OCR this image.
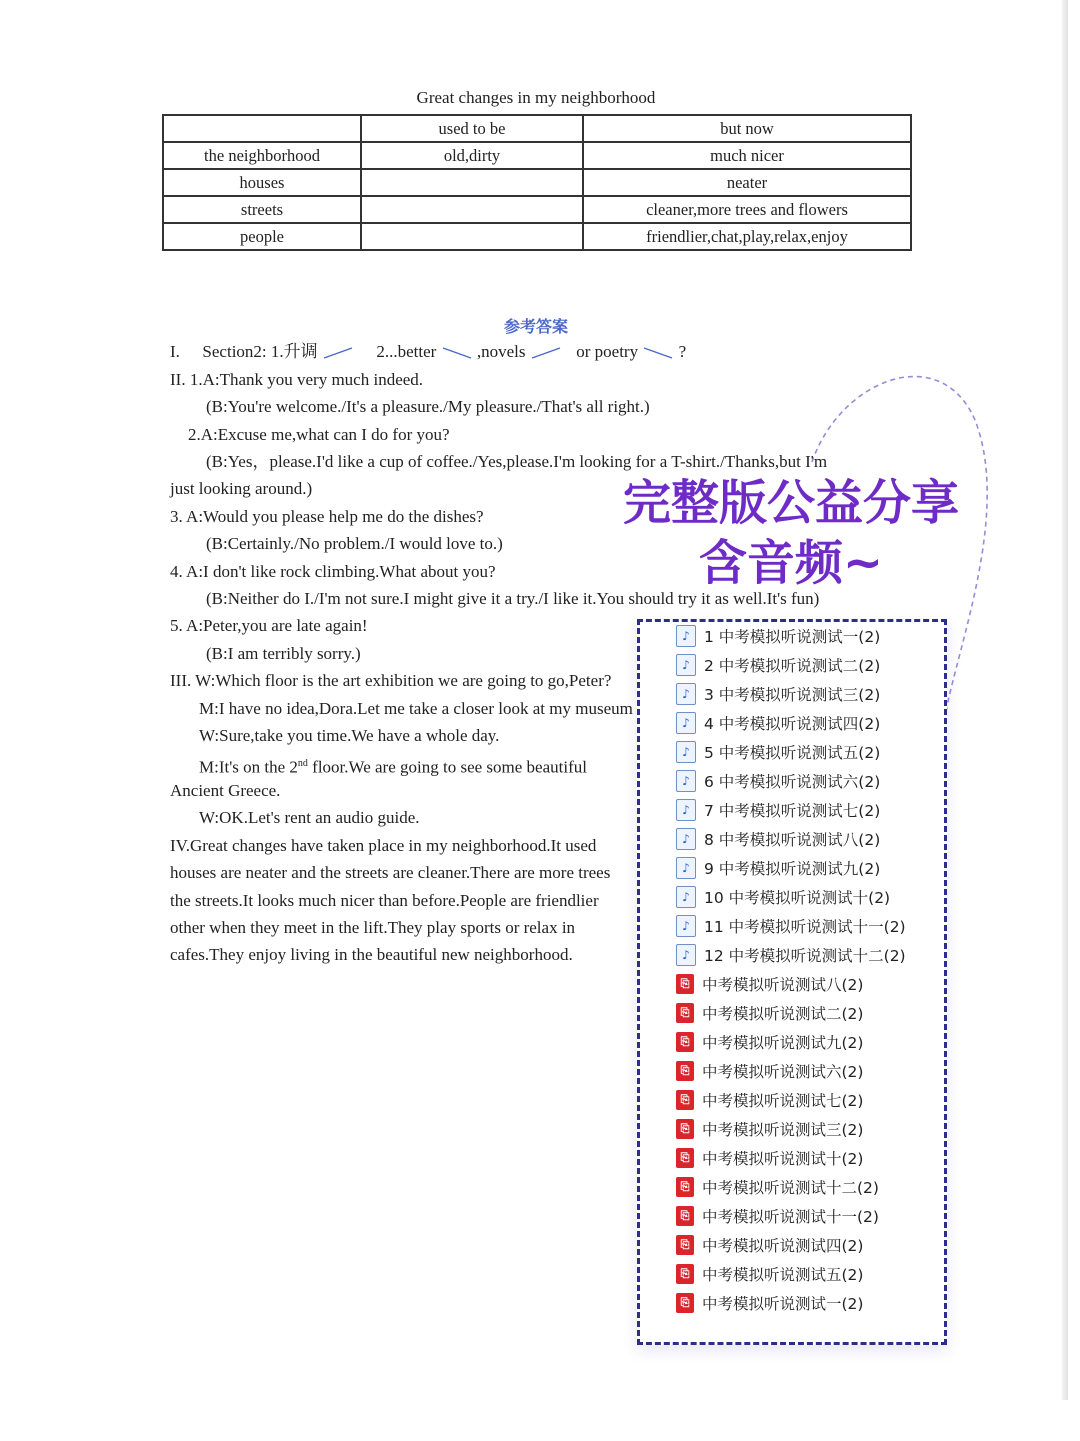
Great changes in my neighborhood
	used to be	but now
the neighborhood	old,dirty	much nicer
houses		neater
streets		cleaner,more trees and flowers
people		friendlier,chat,play,relax,enjoy
参考答案
I. Section2: 1.升调	2...better ,novels	or poetry ?
II. 1.A:Thank you very much indeed.
(B:You're welcome./It's a pleasure./My pleasure./That's all right.)
2.A:Excuse me,what can I do for you?
(B:Yes，please.I'd like a cup of coffee./Yes,please.I'm looking for a T-shirt./Thanks,but I'm
just looking around.)
3. A:Would you please help me do the dishes?
(B:Certainly./No problem./I would love to.)
4. A:I don't like rock climbing.What about you?
(B:Neither do I./I'm not sure.I might give it a try./I like it.You should try it as well.It's fun)
5. A:Peter,you are late again!
(B:I am terribly sorry.)
III. W:Which floor is the art exhibition we are going to go,Peter?
M:I have no idea,Dora.Let me take a closer look at my museum
W:Sure,take you time.We have a whole day.
M:It's on the 2nd floor.We are going to see some beautiful
Ancient Greece.
W:OK.Let's rent an audio guide.
IV.Great changes have taken place in my neighborhood.It used
houses are neater and the streets are cleaner.There are more trees
the streets.It looks much nicer than before.People are friendlier
other when they meet in the lift.They play sports or relax in
cafes.They enjoy living in the beautiful new neighborhood.
♪ 1 中考模拟听说测试一(2)
♪ 2 中考模拟听说测试二(2)
♪ 3 中考模拟听说测试三(2)
♪ 4 中考模拟听说测试四(2)
♪ 5 中考模拟听说测试五(2)
♪ 6 中考模拟听说测试六(2)
♪ 7 中考模拟听说测试七(2)
♪ 8 中考模拟听说测试八(2)
♪ 9 中考模拟听说测试九(2)
♪ 10 中考模拟听说测试十(2)
♪ 11 中考模拟听说测试十一(2)
♪ 12 中考模拟听说测试十二(2)
⎘ 中考模拟听说测试八(2)
⎘ 中考模拟听说测试二(2)
⎘ 中考模拟听说测试九(2)
⎘ 中考模拟听说测试六(2)
⎘ 中考模拟听说测试七(2)
⎘ 中考模拟听说测试三(2)
⎘ 中考模拟听说测试十(2)
⎘ 中考模拟听说测试十二(2)
⎘ 中考模拟听说测试十一(2)
⎘ 中考模拟听说测试四(2)
⎘ 中考模拟听说测试五(2)
⎘ 中考模拟听说测试一(2)
完整版公益分享
含音频~
